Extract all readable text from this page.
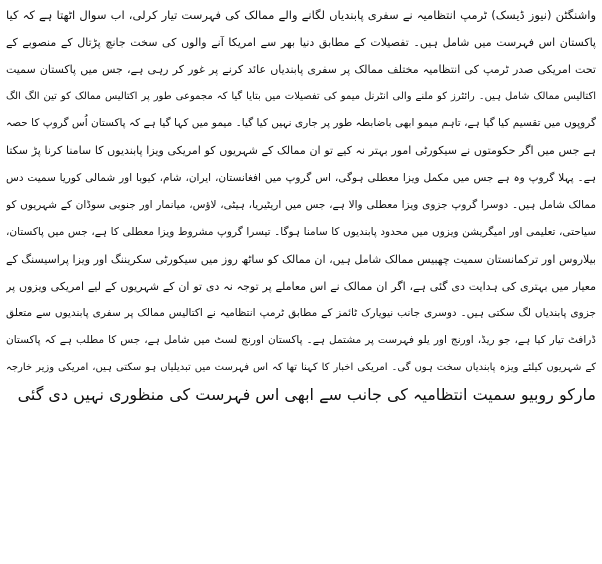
واشنگٹن (نیوز ڈیسک) ٹرمپ انتظامیہ نے سفری پابندیاں لگانے والے ممالک کی فہرست تیار کرلی، اب سوال اٹھتا ہے کہ کیا
پاکستان اس فہرست میں شامل ہیں۔ تفصیلات کے مطابق دنیا بھر سے امریکا آنے والوں کی سخت جانچ پڑتال کے منصوبے کے
تحت امریکی صدر ٹرمپ کی انتظامیہ مختلف ممالک پر سفری پابندیاں عائد کرنے پر غور کر رہی ہے، جس میں پاکستان سمیت
اکتالیس ممالک شامل ہیں۔ رائٹرز کو ملنے والی انٹرنل میمو کی تفصیلات میں بتایا گیا کہ مجموعی طور پر اکتالیس ممالک کو تین الگ الگ
گروپوں میں تقسیم کیا گیا ہے، تاہم میمو ابھی باضابطہ طور پر جاری نہیں کیا گیا۔ میمو میں کہا گیا ہے کہ پاکستان اُس گروپ کا حصہ
ہے جس میں اگر حکومتوں نے سیکورٹی امور بہتر نہ کیے تو ان ممالک کے شہریوں کو امریکی ویزا پابندیوں کا سامنا کرنا پڑ سکتا
ہے۔ پہلا گروپ وہ ہے جس میں مکمل ویزا معطلی ہوگی، اس گروپ میں افغانستان، ایران، شام، کیوبا اور شمالی کوریا سمیت دس
ممالک شامل ہیں۔ دوسرا گروپ جزوی ویزا معطلی والا ہے، جس میں اریٹیریا، ہیٹی، لاؤس، میانمار اور جنوبی سوڈان کے شہریوں کو
سیاحتی، تعلیمی اور امیگریشن ویزوں میں محدود پابندیوں کا سامنا ہوگا۔ تیسرا گروپ مشروط ویزا معطلی کا ہے، جس میں پاکستان،
بیلاروس اور ترکمانستان سمیت چھبیس ممالک شامل ہیں، ان ممالک کو ساٹھ روز میں سیکورٹی سکریننگ اور ویزا پراسیسنگ کے
معیار میں بہتری کی ہدایت دی گئی ہے، اگر ان ممالک نے اس معاملے پر توجہ نہ دی تو ان کے شہریوں کے لیے امریکی ویزوں پر
جزوی پابندیاں لگ سکتی ہیں۔ دوسری جانب نیویارک ٹائمز کے مطابق ٹرمپ انتظامیہ نے اکتالیس ممالک پر سفری پابندیوں سے متعلق
ڈرافٹ تیار کیا ہے، جو ریڈ، اورنج اور یلو فہرست پر مشتمل ہے۔ پاکستان اورنج لسٹ میں شامل ہے، جس کا مطلب ہے کہ پاکستان
کے شہریوں کیلئے ویزہ پابندیاں سخت ہوں گی۔ امریکی اخبار کا کہنا تھا کہ اس فہرست میں تبدیلیاں ہو سکتی ہیں، امریکی وزیر خارجہ
مارکو روبیو سمیت انتظامیہ کی جانب سے ابھی اس فہرست کی منظوری نہیں دی گئی
